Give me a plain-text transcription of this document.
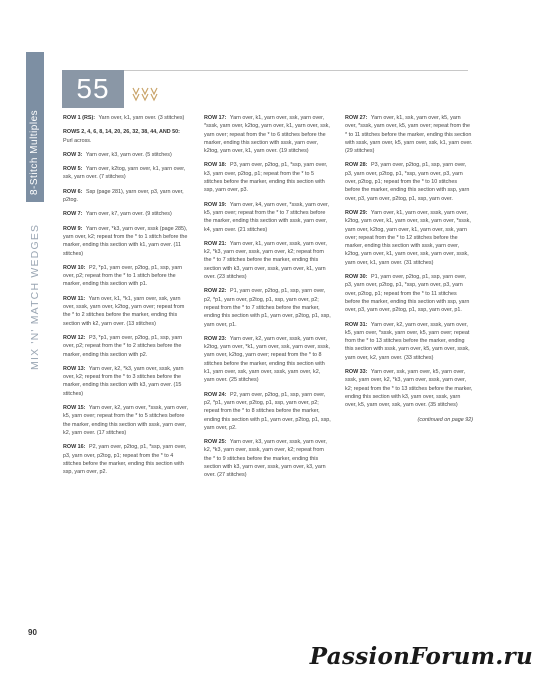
8-Stitch Multiples
MIX 'N' MATCH WEDGES
90
55
ROW 1 (RS): Yarn over, k1, yarn over. (3 stitches)
ROWS 2, 4, 6, 8, 14, 20, 26, 32, 38, 44, AND 50: Purl across.
ROW 3: Yarn over, k3, yarn over. (5 stitches)
ROW 5: Yarn over, k2tog, yarn over, k1, yarn over, ssk, yarn over. (7 stitches)
ROW 6: Ssp (page 281), yarn over, p3, yarn over, p2tog.
ROW 7: Yarn over, k7, yarn over. (9 stitches)
ROW 9: Yarn over, *k3, yarn over, sssk (page 285), yarn over, k2; repeat from the * to 1 stitch before the marker, ending this section with k1, yarn over. (11 stitches)
ROW 10: P2, *p1, yarn over, p2tog, p1, ssp, yarn over, p2; repeat from the * to 1 stitch before the marker, ending this section with p1.
ROW 11: Yarn over, k1, *k1, yarn over, ssk, yarn over, sssk, yarn over, k2tog, yarn over; repeat from the * to 2 stitches before the marker, ending this section with k2, yarn over. (13 stitches)
ROW 12: P3, *p1, yarn over, p2tog, p1, ssp, yarn over, p2; repeat from the * to 2 stitches before the marker, ending this section with p2.
ROW 13: Yarn over, k2, *k3, yarn over, sssk, yarn over, k2; repeat from the * to 3 stitches before the marker, ending this section with k3, yarn over. (15 stitches)
ROW 15: Yarn over, k2, yarn over, *sssk, yarn over, k5, yarn over; repeat from the * to 5 stitches before the marker, ending this section with sssk, yarn over, k2, yarn over. (17 stitches)
ROW 16: P2, yarn over, p2tog, p1, *ssp, yarn over, p3, yarn over, p2tog, p1; repeat from the * to 4 stitches before the marker, ending this section with ssp, yarn over, p2.
ROW 17: Yarn over, k1, yarn over, ssk, yarn over, *sssk, yarn over, k2tog, yarn over, k1, yarn over, ssk, yarn over; repeat from the * to 6 stitches before the marker, ending this section with sssk, yarn over, k2tog, yarn over, k1, yarn over. (19 stitches)
ROW 18: P3, yarn over, p2tog, p1, *ssp, yarn over, k3, yarn over, p2tog, p1; repeat from the * to 5 stitches before the marker, ending this section with ssp, yarn over, p3.
ROW 19: Yarn over, k4, yarn over, *sssk, yarn over, k5, yarn over; repeat from the * to 7 stitches before the marker, ending this section with sssk, yarn over, k4, yarn over. (21 stitches)
ROW 21: Yarn over, k1, yarn over, sssk, yarn over, k2, *k3, yarn over, sssk, yarn over, k2; repeat from the * to 7 stitches before the marker, ending this section with k3, yarn over, sssk, yarn over, k1, yarn over. (23 stitches)
ROW 22: P1, yarn over, p2tog, p1, ssp, yarn over, p2, *p1, yarn over, p2tog, p1, ssp, yarn over, p2; repeat from the * to 7 stitches before the marker, ending this section with p1, yarn over, p2tog, p1, ssp, yarn over, p1.
ROW 23: Yarn over, k2, yarn over, sssk, yarn over, k2tog, yarn over, *k1, yarn over, ssk, yarn over, sssk, yarn over, k2tog, yarn over; repeat from the * to 8 stitches before the marker, ending this section with k1, yarn over, ssk, yarn over, sssk, yarn over, k2, yarn over. (25 stitches)
ROW 24: P2, yarn over, p2tog, p1, ssp, yarn over, p2, *p1, yarn over, p2tog, p1, ssp, yarn over, p2; repeat from the * to 8 stitches before the marker, ending this section with p1, yarn over, p2tog, p1, ssp, yarn over, p2.
ROW 25: Yarn over, k3, yarn over, sssk, yarn over, k2, *k3, yarn over, sssk, yarn over, k2; repeat from the * to 9 stitches before the marker, ending this section with k3, yarn over, sssk, yarn over, k3, yarn over. (27 stitches)
ROW 27: Yarn over, k1, ssk, yarn over, k5, yarn over, *sssk, yarn over, k5, yarn over; repeat from the * to 11 stitches before the marker, ending this section with sssk, yarn over, k5, yarn over, ssk, k1, yarn over. (29 stitches)
ROW 28: P3, yarn over, p2tog, p1, ssp, yarn over, p3, yarn over, p2tog, p1, *ssp, yarn over, p3, yarn over, p2tog, p1; repeat from the * to 10 stitches before the marker, ending this section with ssp, yarn over, p3, yarn over, p2tog, p1, ssp, yarn over.
ROW 29: Yarn over, k1, yarn over, sssk, yarn over, k2tog, yarn over, k1, yarn over, ssk, yarn over, *sssk, yarn over, k2tog, yarn over, k1, yarn over, ssk, yarn over; repeat from the * to 12 stitches before the marker, ending this section with sssk, yarn over, k2tog, yarn over, k1, yarn over, ssk, yarn over, sssk, yarn over, k1, yarn over. (31 stitches)
ROW 30: P1, yarn over, p2tog, p1, ssp, yarn over, p3, yarn over, p2tog, p1, *ssp, yarn over, p3, yarn over, p2tog, p1; repeat from the * to 11 stitches before the marker, ending this section with ssp, yarn over, p3, yarn over, p2tog, p1, ssp, yarn over, p1.
ROW 31: Yarn over, k2, yarn over, sssk, yarn over, k5, yarn over, *sssk, yarn over, k5, yarn over; repeat from the * to 13 stitches before the marker, ending this section with sssk, yarn over, k5, yarn over, sssk, yarn over, k2, yarn over. (33 stitches)
ROW 33: Yarn over, ssk, yarn over, k5, yarn over, sssk, yarn over, k2, *k3, yarn over, sssk, yarn over, k2; repeat from the * to 13 stitches before the marker, ending this section with k3, yarn over, sssk, yarn over, k5, yarn over, ssk, yarn over. (35 stitches)
(continued on page 92)
PassionForum.ru
